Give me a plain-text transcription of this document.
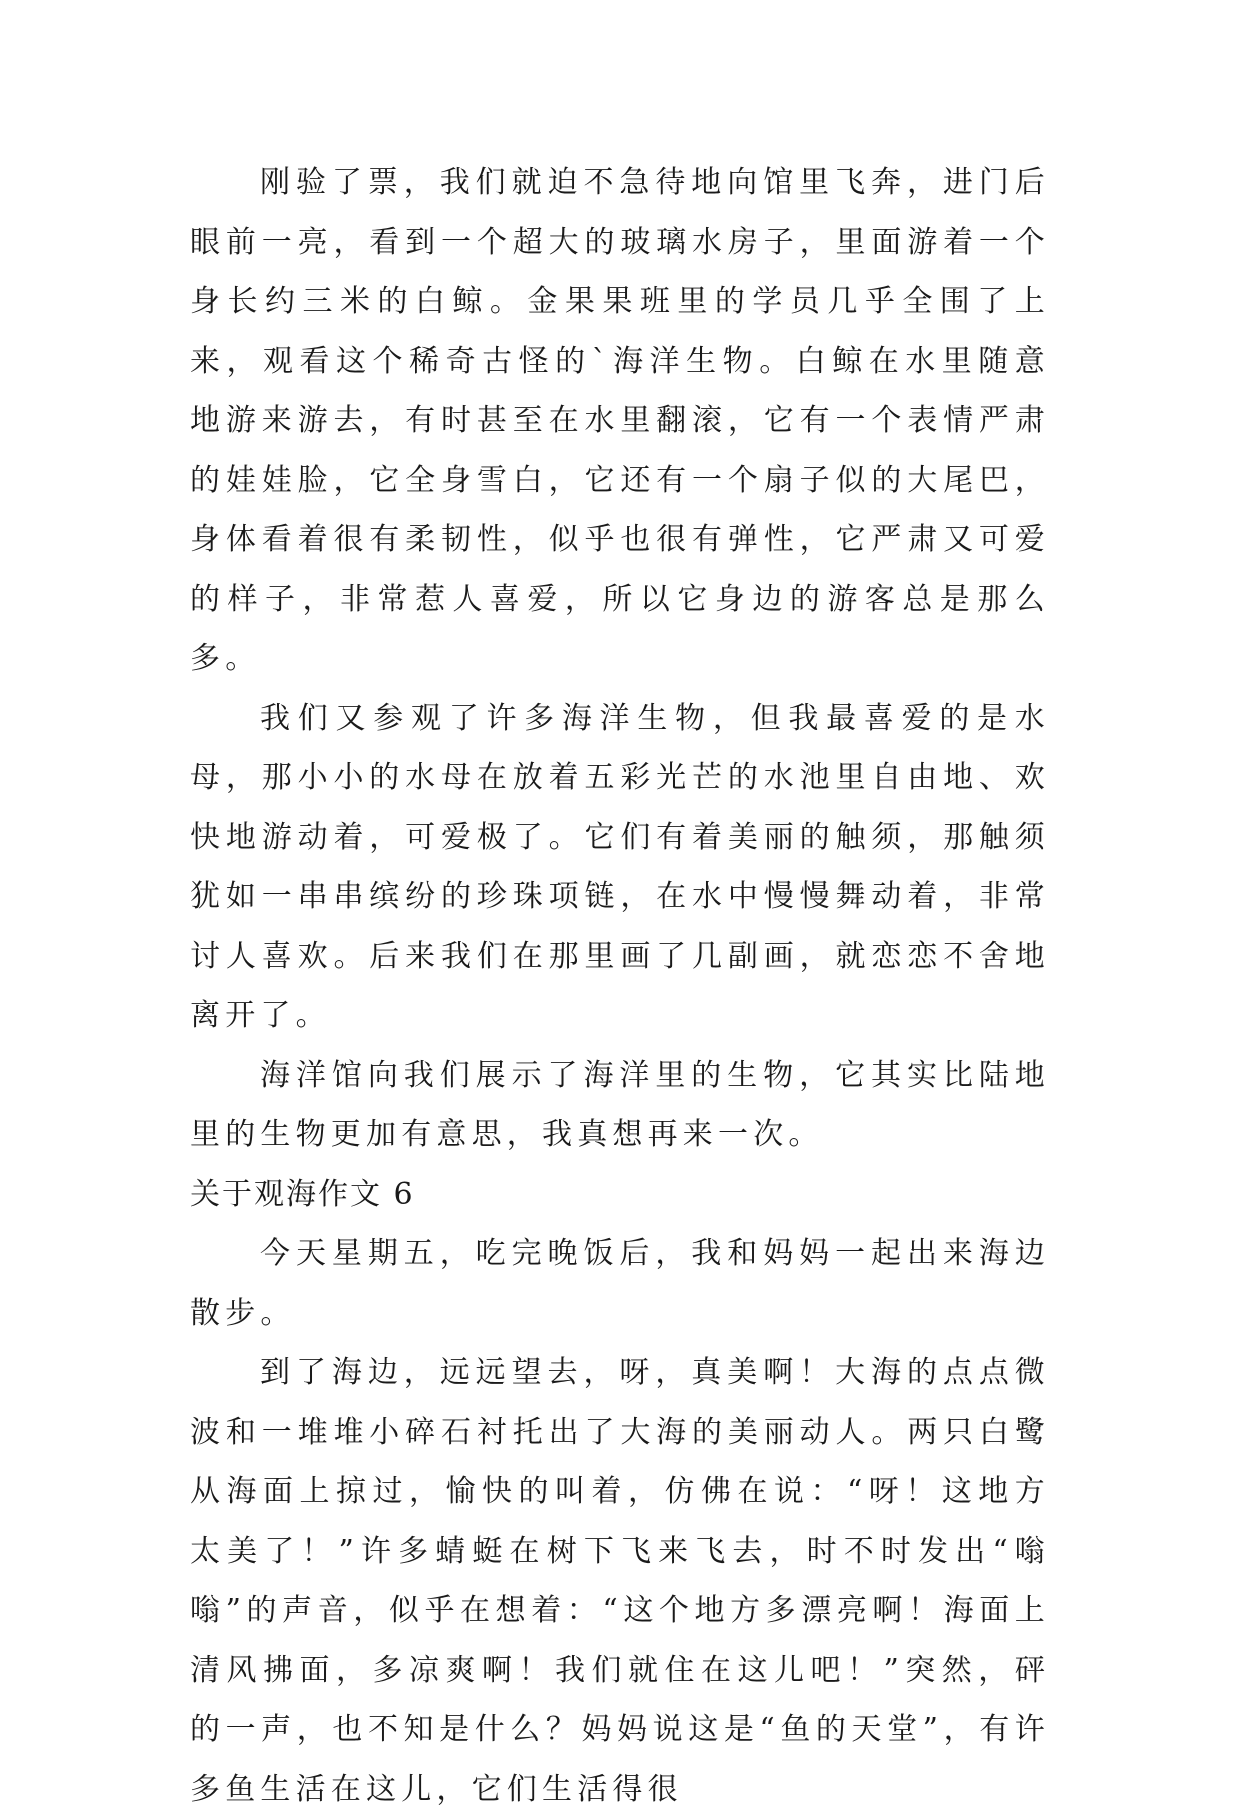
刚验了票，我们就迫不急待地向馆里飞奔，进门后眼前一亮，看到一个超大的玻璃水房子，里面游着一个身长约三米的白鲸。金果果班里的学员几乎全围了上来，观看这个稀奇古怪的`海洋生物。白鲸在水里随意地游来游去，有时甚至在水里翻滚，它有一个表情严肃的娃娃脸，它全身雪白，它还有一个扇子似的大尾巴，身体看着很有柔韧性，似乎也很有弹性，它严肃又可爱的样子，非常惹人喜爱，所以它身边的游客总是那么多。

我们又参观了许多海洋生物，但我最喜爱的是水母，那小小的水母在放着五彩光芒的水池里自由地、欢快地游动着，可爱极了。它们有着美丽的触须，那触须犹如一串串缤纷的珍珠项链，在水中慢慢舞动着，非常讨人喜欢。后来我们在那里画了几副画，就恋恋不舍地离开了。

海洋馆向我们展示了海洋里的生物，它其实比陆地里的生物更加有意思，我真想再来一次。

关于观海作文 6

今天星期五，吃完晚饭后，我和妈妈一起出来海边散步。

到了海边，远远望去，呀，真美啊！大海的点点微波和一堆堆小碎石衬托出了大海的美丽动人。两只白鹭从海面上掠过，愉快的叫着，仿佛在说：“呀！这地方太美了！”许多蜻蜓在树下飞来飞去，时不时发出“嗡嗡”的声音，似乎在想着：“这个地方多漂亮啊！海面上清风拂面，多凉爽啊！我们就住在这儿吧！”突然，砰的一声，也不知是什么？妈妈说这是“鱼的天堂”，有许多鱼生活在这儿，它们生活得很
